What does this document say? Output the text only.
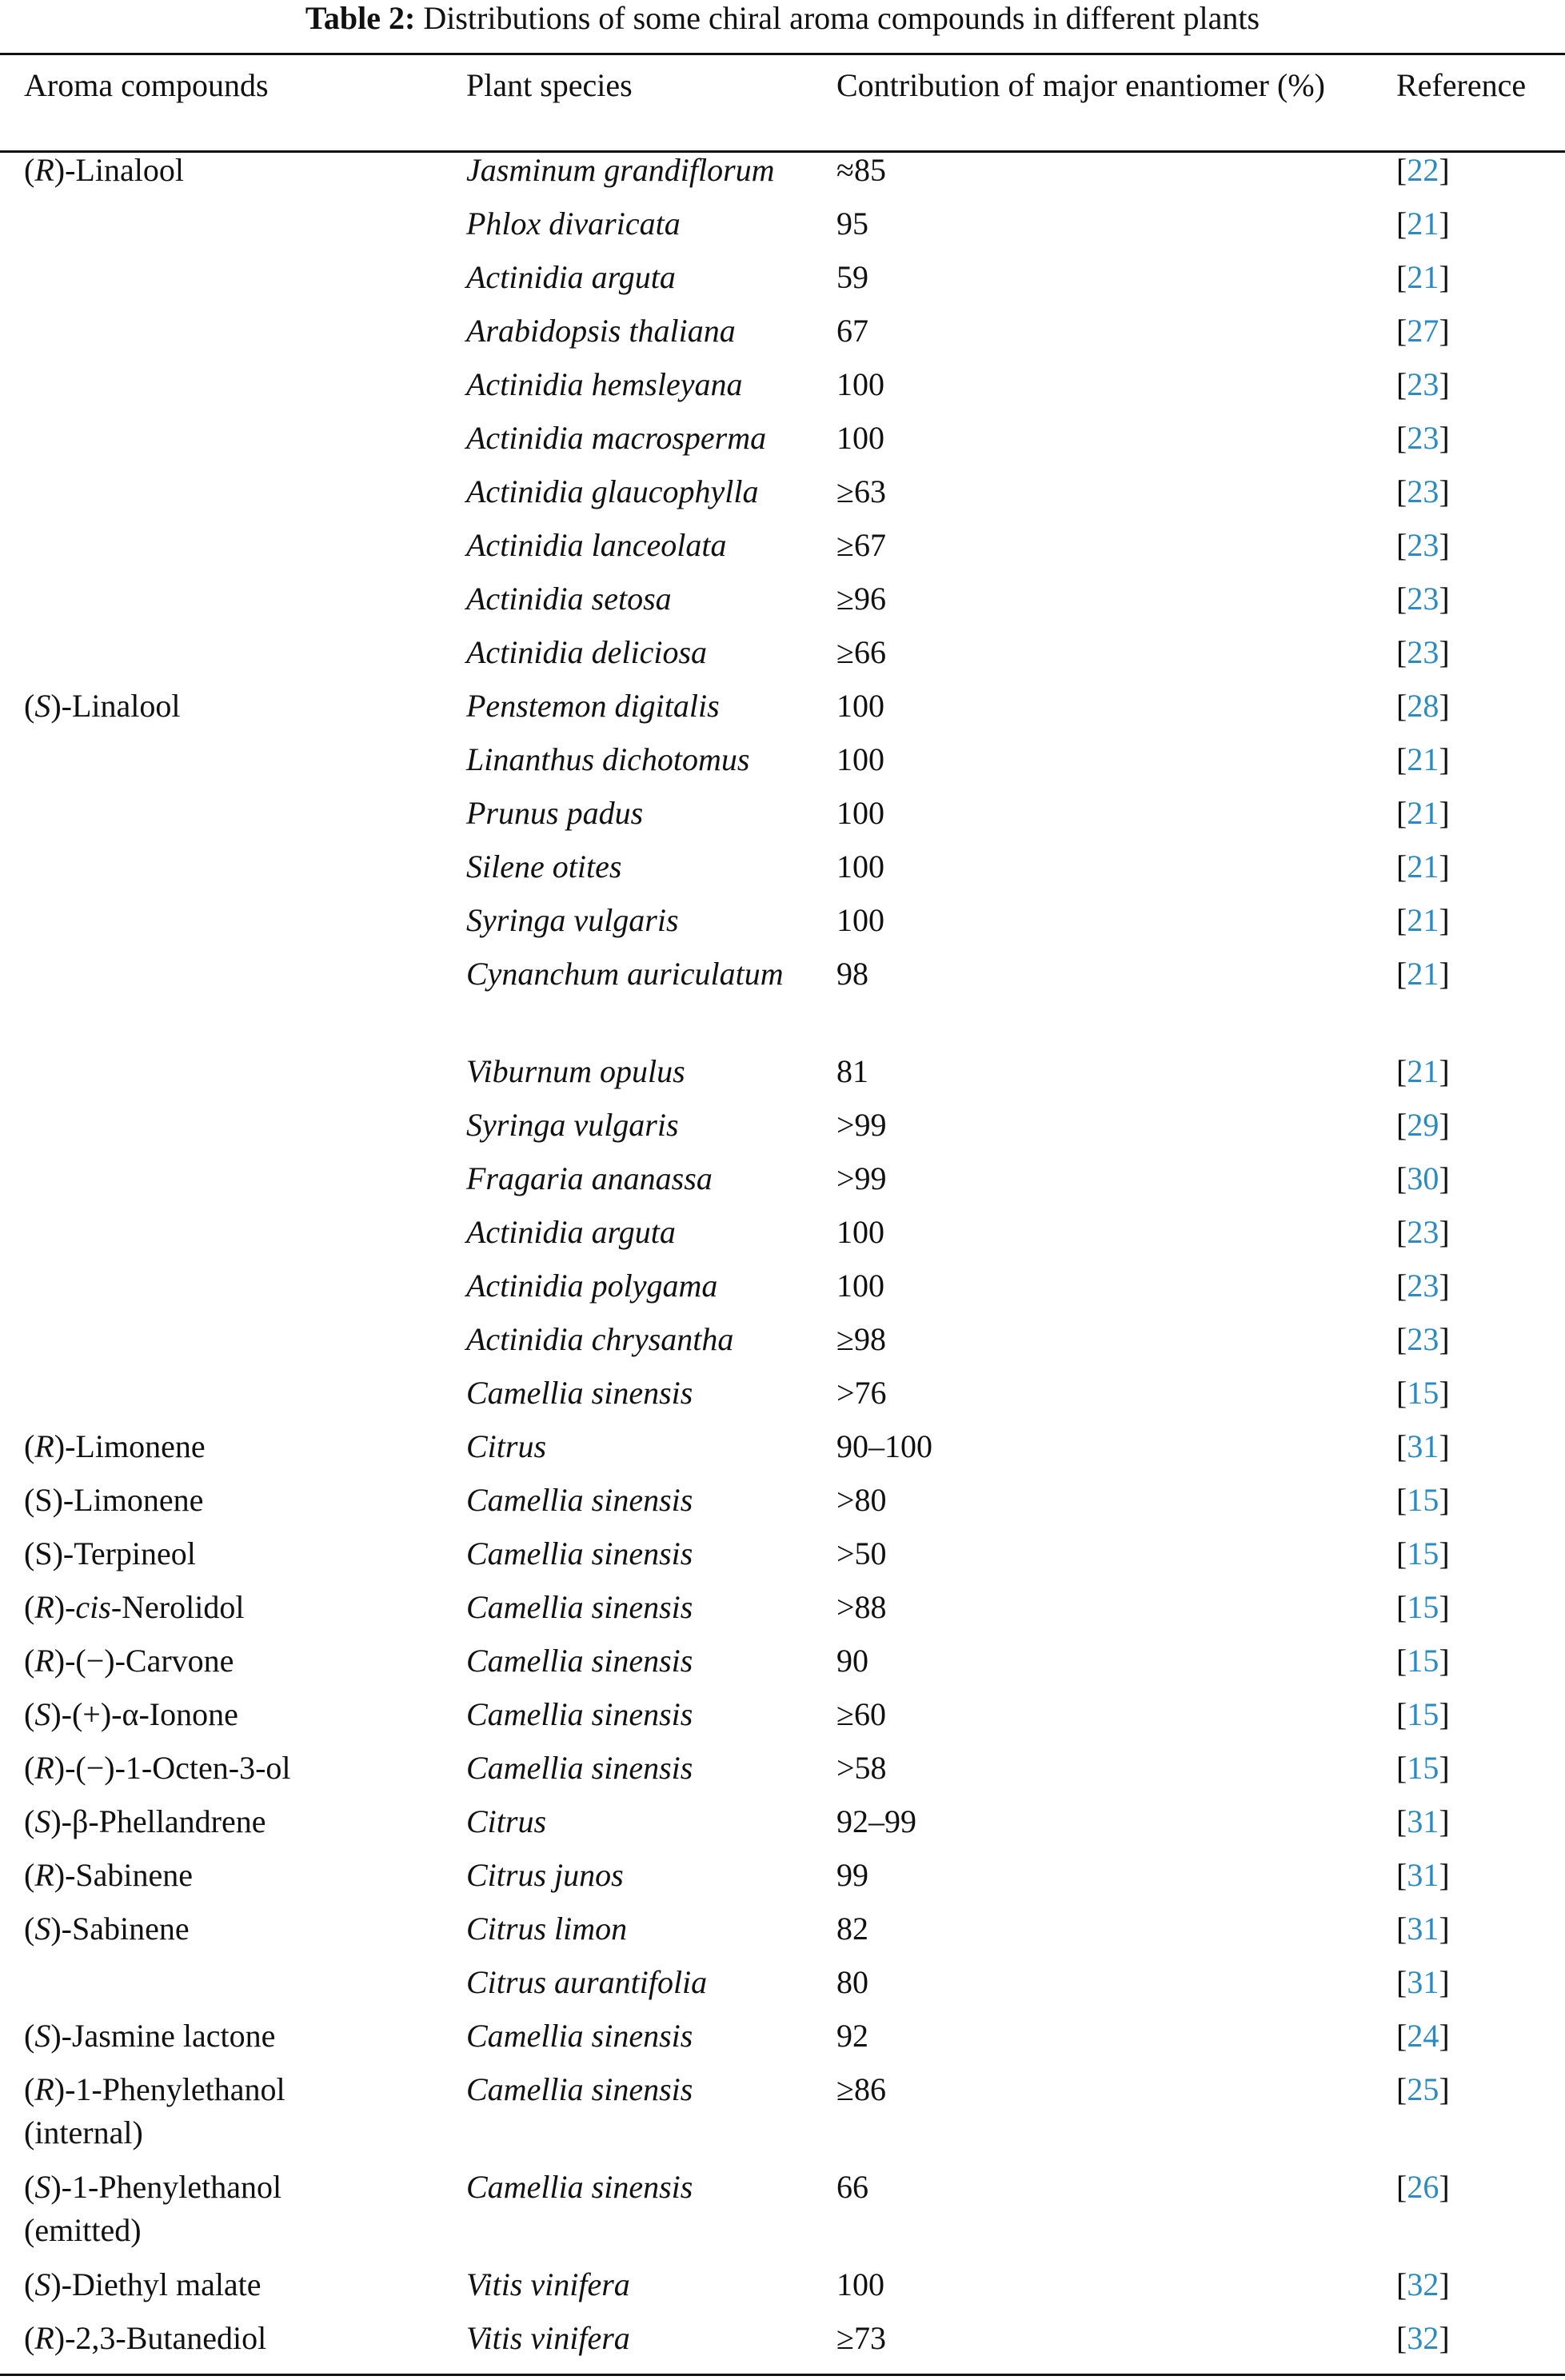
Table 2: Distributions of some chiral aroma compounds in different plants
Aroma compounds	Plant species	Contribution of major enantiomer (%)	Reference
(R)-Linalool	Jasminum grandiflorum	≈85	[22]
	Phlox divaricata	95	[21]
	Actinidia arguta	59	[21]
	Arabidopsis thaliana	67	[27]
	Actinidia hemsleyana	100	[23]
	Actinidia macrosperma	100	[23]
	Actinidia glaucophylla	≥63	[23]
	Actinidia lanceolata	≥67	[23]
	Actinidia setosa	≥96	[23]
	Actinidia deliciosa	≥66	[23]
(S)-Linalool	Penstemon digitalis	100	[28]
	Linanthus dichotomus	100	[21]
	Prunus padus	100	[21]
	Silene otites	100	[21]
	Syringa vulgaris	100	[21]
	Cynanchum auriculatum	98	[21]
	Viburnum opulus	81	[21]
	Syringa vulgaris	>99	[29]
	Fragaria ananassa	>99	[30]
	Actinidia arguta	100	[23]
	Actinidia polygama	100	[23]
	Actinidia chrysantha	≥98	[23]
	Camellia sinensis	>76	[15]
(R)-Limonene	Citrus	90–100	[31]
(S)-Limonene	Camellia sinensis	>80	[15]
(S)-Terpineol	Camellia sinensis	>50	[15]
(R)-cis-Nerolidol	Camellia sinensis	>88	[15]
(R)-(−)-Carvone	Camellia sinensis	90	[15]
(S)-(+)-α-Ionone	Camellia sinensis	≥60	[15]
(R)-(−)-1-Octen-3-ol	Camellia sinensis	>58	[15]
(S)-β-Phellandrene	Citrus	92–99	[31]
(R)-Sabinene	Citrus junos	99	[31]
(S)-Sabinene	Citrus limon	82	[31]
	Citrus aurantifolia	80	[31]
(S)-Jasmine lactone	Camellia sinensis	92	[24]
(R)-1-Phenylethanol
(internal)	Camellia sinensis	≥86	[25]
(S)-1-Phenylethanol
(emitted)	Camellia sinensis	66	[26]
(S)-Diethyl malate	Vitis vinifera	100	[32]
(R)-2,3-Butanediol	Vitis vinifera	≥73	[32]
